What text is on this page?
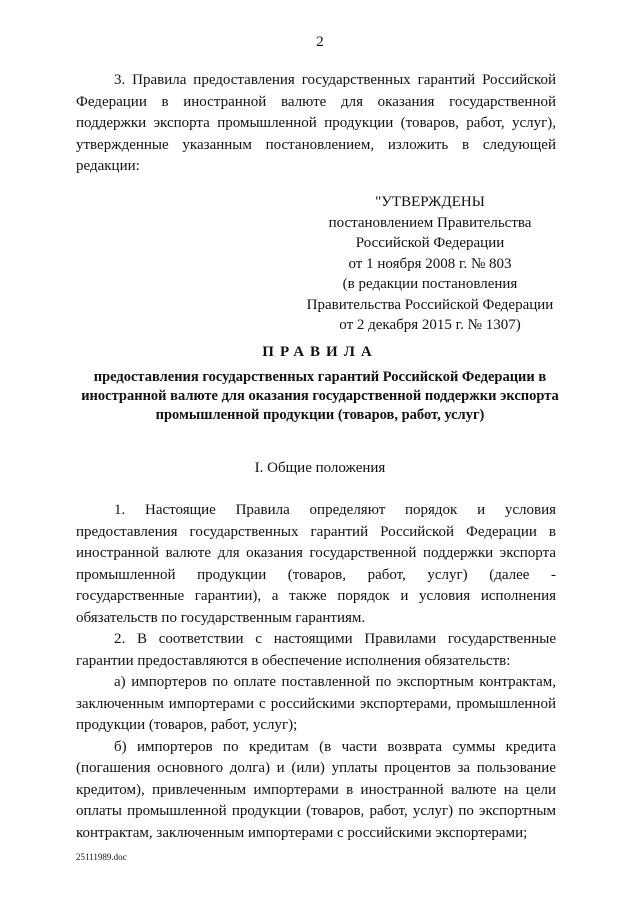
2

3. Правила предоставления государственных гарантий Российской Федерации в иностранной валюте для оказания государственной поддержки экспорта промышленной продукции (товаров, работ, услуг), утвержденные указанным постановлением, изложить в следующей редакции:

"УТВЕРЖДЕНЫ
постановлением Правительства
Российской Федерации
от 1 ноября 2008 г. № 803
(в редакции постановления
Правительства Российской Федерации
от 2 декабря 2015 г. № 1307)
ПРАВИЛА
предоставления государственных гарантий Российской Федерации в иностранной валюте для оказания государственной поддержки экспорта промышленной продукции (товаров, работ, услуг)
I. Общие положения

1. Настоящие Правила определяют порядок и условия предоставления государственных гарантий Российской Федерации в иностранной валюте для оказания государственной поддержки экспорта промышленной продукции (товаров, работ, услуг) (далее - государственные гарантии), а также порядок и условия исполнения обязательств по государственным гарантиям.

2. В соответствии с настоящими Правилами государственные гарантии предоставляются в обеспечение исполнения обязательств:

а) импортеров по оплате поставленной по экспортным контрактам, заключенным импортерами с российскими экспортерами, промышленной продукции (товаров, работ, услуг);

б) импортеров по кредитам (в части возврата суммы кредита (погашения основного долга) и (или) уплаты процентов за пользование кредитом), привлеченным импортерами в иностранной валюте на цели оплаты промышленной продукции (товаров, работ, услуг) по экспортным контрактам, заключенным импортерами с российскими экспортерами;

25111989.doc
